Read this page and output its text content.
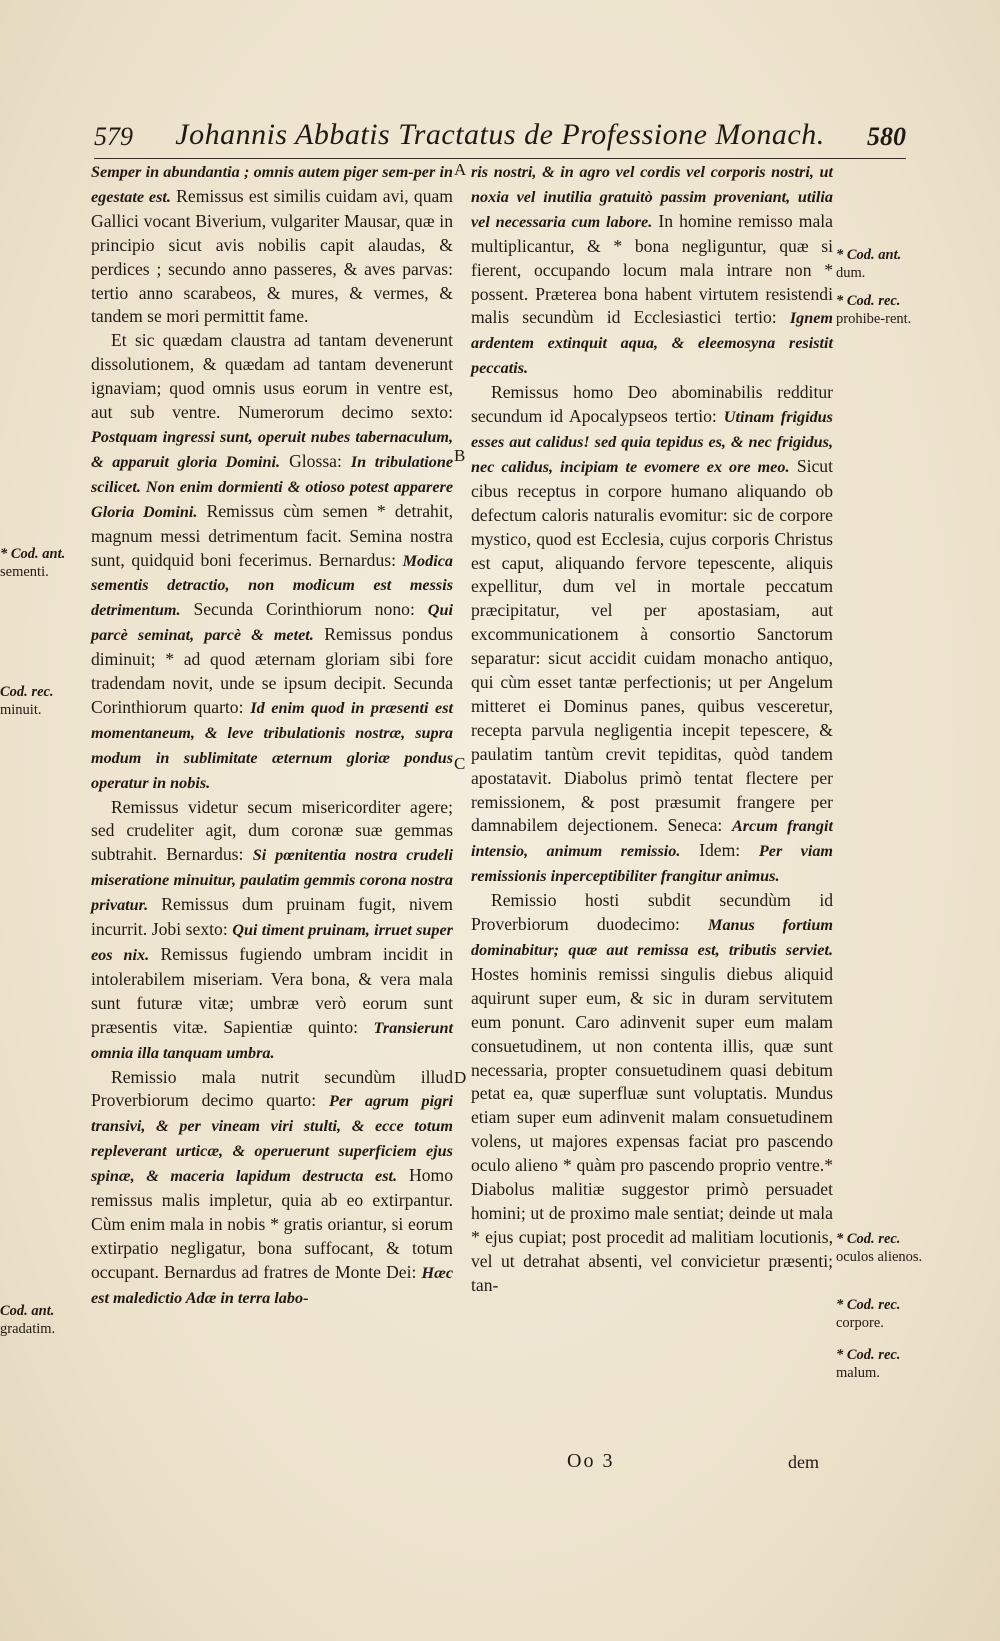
579	Johannis Abbatis Tractatus de Professione Monach.	580

Semper in abundantia ; omnis autem piger sem-per in egestate est. Remissus est similis cuidam avi, quam Gallici vocant Biverium, vulgariter Mausar, quæ in principio sicut avis nobilis capit alaudas, & perdices ; secundo anno passeres, & aves parvas: tertio anno scarabeos, & mures, & vermes, & tandem se mori permittit fame.

Et sic quædam claustra ad tantam devenerunt dissolutionem, & quædam ad tantam devenerunt ignaviam; quod omnis usus eorum in ventre est, aut sub ventre. Numerorum decimo sexto: Postquam ingressi sunt, operuit nubes tabernaculum, & apparuit gloria Domini. Glossa: In tribulatione scilicet. Non enim dormienti & otioso potest apparere Gloria Domini. Remissus cùm semen * detrahit, magnum messi detrimentum facit. Semina nostra sunt, quidquid boni fecerimus. Bernardus: Modica sementis detractio, non modicum est messis detrimentum. Secunda Corinthiorum nono: Qui parcè seminat, parcè & metet. Remissus pondus diminuit; * ad quod æternam gloriam sibi fore tradendam novit, unde se ipsum decipit. Secunda Corinthiorum quarto: Id enim quod in præsenti est momentaneum, & leve tribulationis nostræ, supra modum in sublimitate æternum gloriæ pondus operatur in nobis.

Remissus videtur secum misericorditer agere; sed crudeliter agit, dum coronæ suæ gemmas subtrahit. Bernardus: Si pœnitentia nostra crudeli miseratione minuitur, paulatim gemmis corona nostra privatur. Remissus dum pruinam fugit, nivem incurrit. Jobi sexto: Qui timent pruinam, irruet super eos nix. Remissus fugiendo umbram incidit in intolerabilem miseriam. Vera bona, & vera mala sunt futuræ vitæ; umbræ verò eorum sunt præsentis vitæ. Sapientiæ quinto: Transierunt omnia illa tanquam umbra.

Remissio mala nutrit secundùm illud Proverbiorum decimo quarto: Per agrum pigri transivi, & per vineam viri stulti, & ecce totum repleverant urticæ, & operuerunt superficiem ejus spinæ, & maceria lapidum destructa est. Homo remissus malis impletur, quia ab eo extirpantur. Cùm enim mala in nobis * gratis oriantur, si eorum extirpatio negligatur, bona suffocant, & totum occupant. Bernardus ad fratres de Monte Dei: Hæc est maledictio Adæ in terra labo-

ris nostri, & in agro vel cordis vel corporis nostri, ut noxia vel inutilia gratuitò passim proveniant, utilia vel necessaria cum labore. In homine remisso mala multiplicantur, & * bona negliguntur, quæ si fierent, occupando locum mala intrare non * possent. Præterea bona habent virtutem resistendi malis secundùm id Ecclesiastici tertio: Ignem ardentem extinquit aqua, & eleemosyna resistit peccatis.

Remissus homo Deo abominabilis redditur secundum id Apocalypseos tertio: Utinam frigidus esses aut calidus! sed quia tepidus es, & nec frigidus, nec calidus, incipiam te evomere ex ore meo. Sicut cibus receptus in corpore humano aliquando ob defectum caloris naturalis evomitur: sic de corpore mystico, quod est Ecclesia, cujus corporis Christus est caput, aliquando fervore tepescente, aliquis expellitur, dum vel in mortale peccatum præcipitatur, vel per apostasiam, aut excommunicationem à consortio Sanctorum separatur: sicut accidit cuidam monacho antiquo, qui cùm esset tantæ perfectionis; ut per Angelum mitteret ei Dominus panes, quibus vesceretur, recepta parvula negligentia incepit tepescere, & paulatim tantùm crevit tepiditas, quòd tandem apostatavit. Diabolus primò tentat flectere per remissionem, & post præsumit frangere per damnabilem dejectionem. Seneca: Arcum frangit intensio, animum remissio. Idem: Per viam remissionis inperceptibiliter frangitur animus.

Remissio hosti subdit secundùm id Proverbiorum duodecimo: Manus fortium dominabitur; quæ aut remissa est, tributis serviet. Hostes hominis remissi singulis diebus aliquid aquirunt super eum, & sic in duram servitutem eum ponunt. Caro adinvenit super eum malam consuetudinem, ut non contenta illis, quæ sunt necessaria, propter consuetudinem quasi debitum petat ea, quæ superfluæ sunt voluptatis. Mundus etiam super eum adinvenit malam consuetudinem volens, ut majores expensas faciat pro pascendo oculo alieno * quàm pro pascendo proprio ventre.* Diabolus malitiæ suggestor primò persuadet homini; ut de proximo male sentiat; deinde ut mala * ejus cupiat; post procedit ad malitiam locutionis, vel ut detrahat absenti, vel convicietur præsenti; tan-

* Cod. ant.
sementi.
Cod. rec.
minuit.
Cod. ant.
gradatim.
* Cod. ant.
dum.
* Cod. rec.
prohibe-rent.
* Cod. rec.
oculos alienos.
* Cod. rec.
corpore.
* Cod. rec.
malum.
A
B
C
D
Oo 3	dem
